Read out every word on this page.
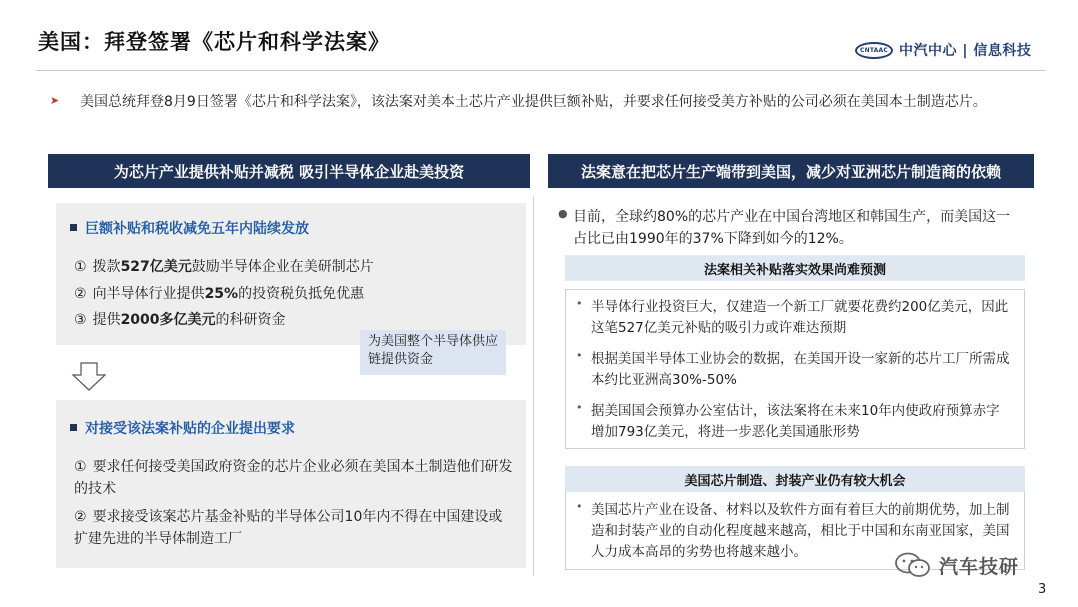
美国：拜登签署《芯片和科学法案》	CNTAAC 中汽中心 | 信息科技
➤ 美国总统拜登8月9日签署《芯片和科学法案》，该法案对美本土芯片产业提供巨额补贴，并要求任何接受美方补贴的公司必须在美国本土制造芯片。
为芯片产业提供补贴并减税 吸引半导体企业赴美投资
巨额补贴和税收减免五年内陆续发放
① 拨款527亿美元鼓励半导体企业在美研制芯片
② 向半导体行业提供25%的投资税负抵免优惠
③ 提供2000多亿美元的科研资金
为美国整个半导体供应链提供资金
对接受该法案补贴的企业提出要求
① 要求任何接受美国政府资金的芯片企业必须在美国本土制造他们研发的技术
② 要求接受该案芯片基金补贴的半导体公司10年内不得在中国建设或扩建先进的半导体制造工厂
法案意在把芯片生产端带到美国，减少对亚洲芯片制造商的依赖
● 目前，全球约80%的芯片产业在中国台湾地区和韩国生产，而美国这一占比已由1990年的37%下降到如今的12%。
法案相关补贴落实效果尚难预测
• 半导体行业投资巨大，仅建造一个新工厂就要花费约200亿美元，因此这笔527亿美元补贴的吸引力或许难达预期
• 根据美国半导体工业协会的数据，在美国开设一家新的芯片工厂所需成本约比亚洲高30%-50%
• 据美国国会预算办公室估计，该法案将在未来10年内使政府预算赤字增加793亿美元，将进一步恶化美国通胀形势
美国芯片制造、封装产业仍有较大机会
• 美国芯片产业在设备、材料以及软件方面有着巨大的前期优势，加上制造和封装产业的自动化程度越来越高，相比于中国和东南亚国家，美国人力成本高昂的劣势也将越来越小。
汽车技研
3
